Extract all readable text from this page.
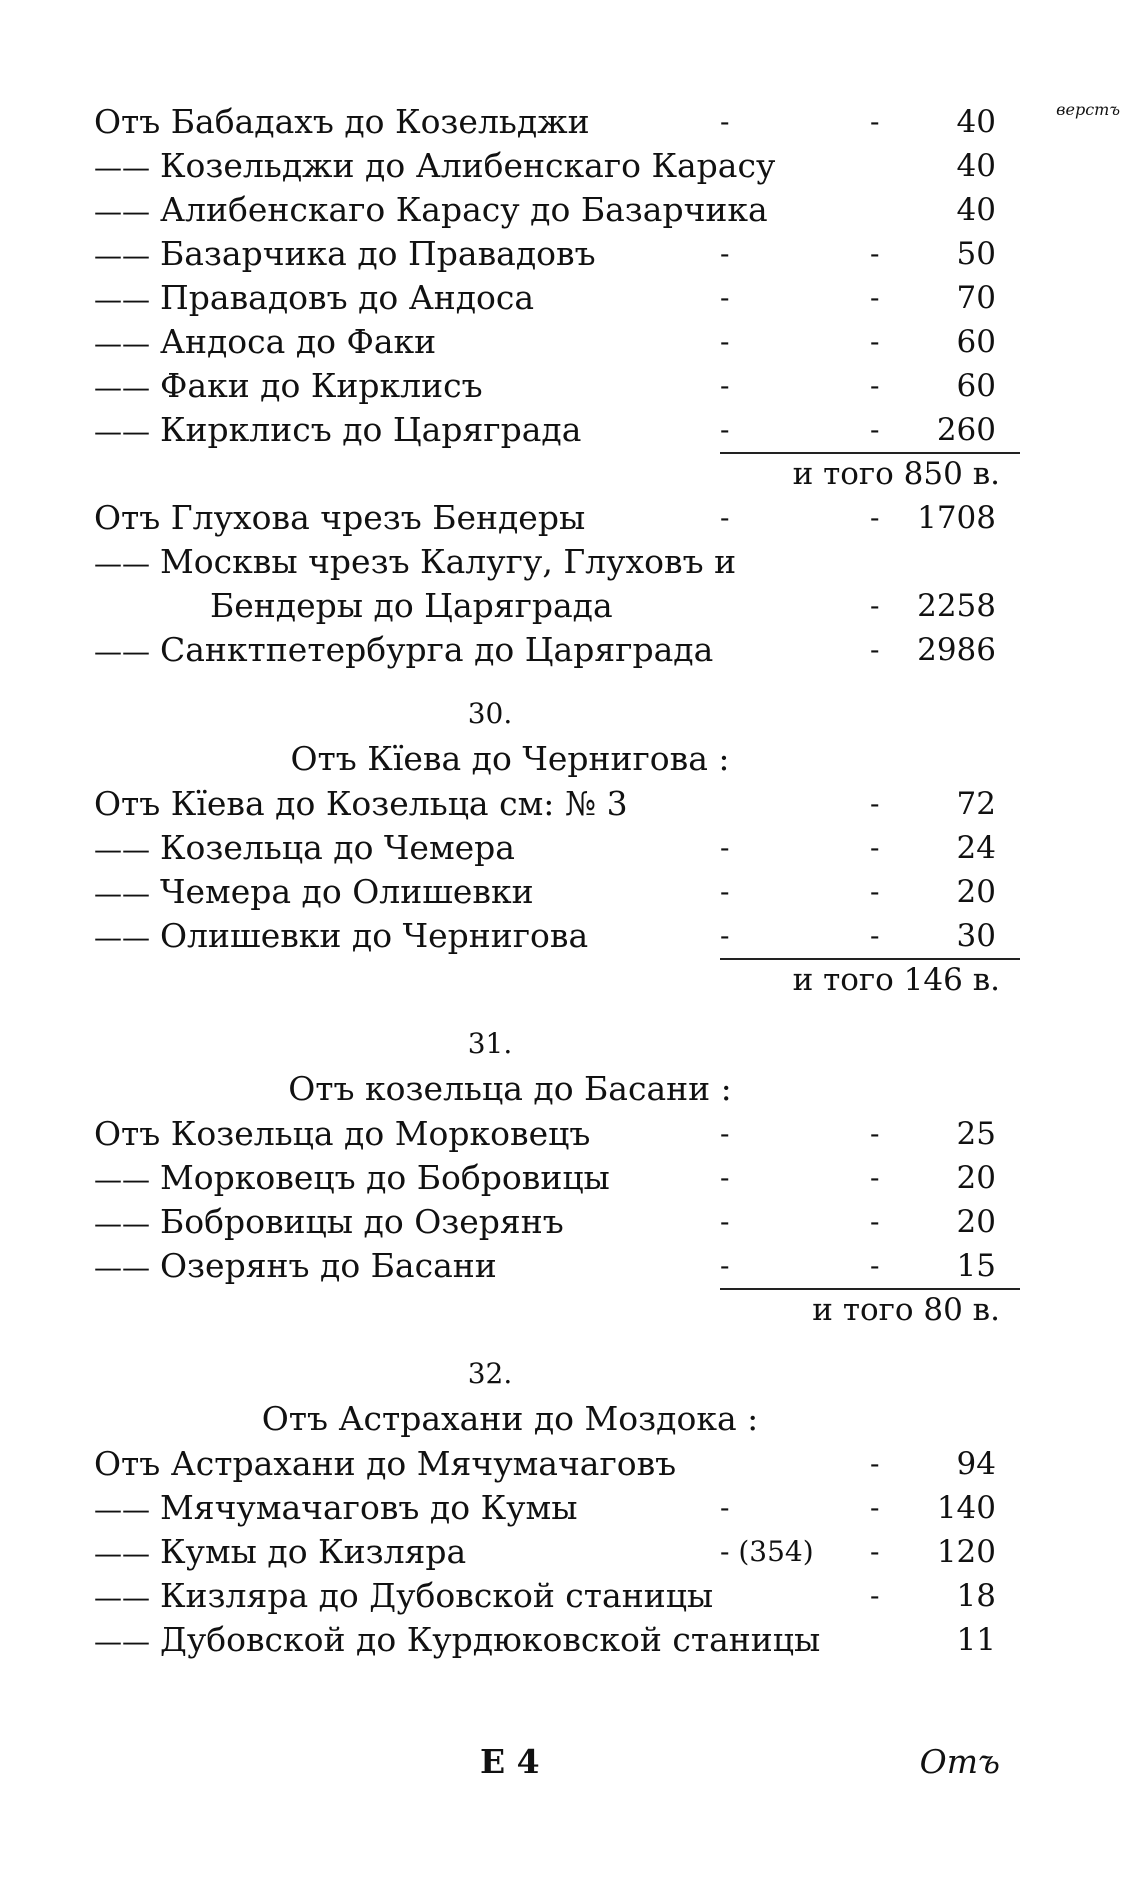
верстъ
Отъ Бабадахъ до Козельджи	-	- 40
—— Козельджи до Алибенскаго Карасу	40
—— Алибенскаго Карасу до Базарчика	40
—— Базарчика до Правадовъ	-	- 50
—— Правадовъ до Андоса	-	- 70
—— Андоса до Факи	-	- 60
—— Факи до Кирклисъ	-	- 60
—— Кирклисъ до Царяграда	-	- 260
и того 850 в.
Отъ Глухова чрезъ Бендеры	-	- 1708
—— Москвы чрезъ Калугу, Глуховъ и
Бендеры до Царяграда	- 2258
—— Санктпетербурга до Царяграда	- 2986
30.
Отъ Кїева до Чернигова :
Отъ Кїева до Козельца см: № 3	- 72
—— Козельца до Чемера	-	- 24
—— Чемера до Олишевки	-	- 20
—— Олишевки до Чернигова	-	- 30
и того 146 в.
31.
Отъ козельца до Басани :
Отъ Козельца до Морковецъ	-	- 25
—— Морковецъ до Бобровицы	-	- 20
—— Бобровицы до Озерянъ	-	- 20
—— Озерянъ до Басани	-	- 15
и того 80 в.
32.
Отъ Астрахани до Моздока :
Отъ Астрахани до Мячумачаговъ	- 94
—— Мячумачаговъ до Кумы	-	- 140
—— Кумы до Кизляра	- (354) - 120
—— Кизляра до Дубовской станицы	- 18
—— Дубовской до Курдюковской станицы	11
Е 4	Отъ
